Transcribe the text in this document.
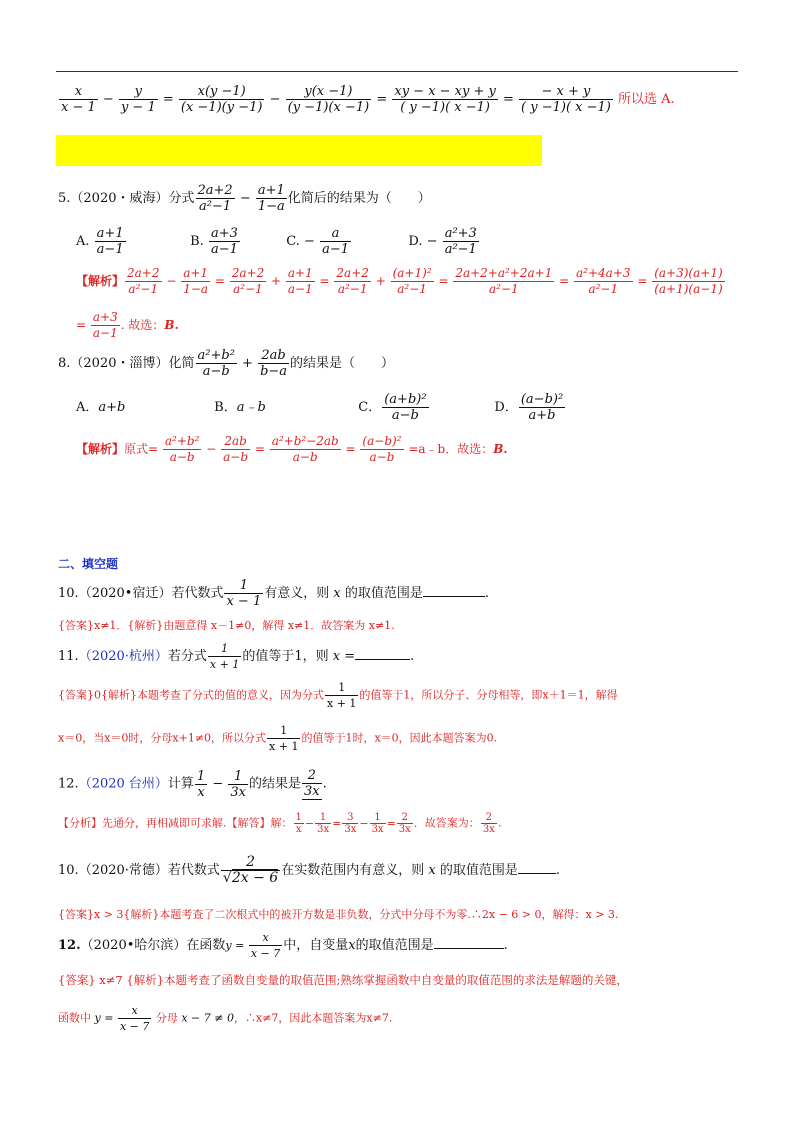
$\frac{x}{x - 1} - \frac{y}{y - 1} = \frac{x(y -1)}{(x -1)(y -1)} - \frac{y(x -1)}{(y -1)(x -1)} = \frac{xy - x - xy + y}{( y -1)( x -1)} = \frac{- x + y}{( y -1)( x -1)}$ 所以选 A.
5.（2020・威海）分式 $\frac{2a+2}{\text{a²−1}} - \frac{a+1}{1-a}$ 化简后的结果为（　　）
A. $\frac{a+1}{a-1}$	B. $\frac{a+3}{a-1}$	C. − $\frac{a}{a-1}$	D. − $\frac{\text{a²+3}}{\text{a²−1}}$
【解析】 $\frac{2a+2}{\text{a²−1}} - \frac{a+1}{1-a} = \frac{2a+2}{\text{a²−1}} + \frac{a+1}{a-1} = \frac{2a+2}{\text{a²−1}} + \frac{\text{(a+1)²}}{\text{a²−1}} = \frac{\text{2a+2+a²+2a+1}}{\text{a²−1}} = \frac{\text{a²+4a+3}}{\text{a²−1}} = \frac{(a+3)(a+1)}{(a+1)(a-1)}$
= $\frac{a+3}{a-1}$ . 故选：B.
8.（2020・淄博）化简 $\frac{\text{a²+b²}}{a-b} + \frac{2ab}{b-a}$ 的结果是（　　）
A．a+b	B．a﹣b	C． $\frac{\text{(a+b)²}}{a-b}$	D． $\frac{\text{(a−b)²}}{a+b}$
【解析】原式= $\frac{\text{a²+b²}}{a-b} - \frac{2ab}{a-b} = \frac{\text{a²+b²−2ab}}{a-b} = \frac{\text{(a−b)²}}{a-b}$ =a﹣b．故选：B.
二、填空题
10.（2020•宿迁）若代数式 $\frac{1}{x - 1}$ 有意义，则 x 的取值范围是	.
{答案}x≠1．{解析}由题意得 x－1≠0，解得 x≠1．故答案为 x≠1.
11.（2020·杭州）若分式 $\frac{1}{x + 1}$ 的值等于1，则 x =	.
{答案}0{解析}本题考查了分式的值的意义，因为分式 $\frac{1}{x + 1}$ 的值等于1，所以分子、分母相等，即x＋1＝1，解得
x＝0，当x＝0时，分母x+1≠0，所以分式 $\frac{1}{x + 1}$ 的值等于1时，x＝0，因此本题答案为0.
12.（2020 台州）计算 $\frac{1}{x} - \frac{1}{3x}$ 的结果是 $\frac{2}{3x}$ .
【分析】先通分，再相减即可求解.【解答】解： $\frac{1}{x} - \frac{1}{3x} = \frac{3}{3x} - \frac{1}{3x} = \frac{2}{3x}$ ．故答案为： $\frac{2}{3x}$ .
10.（2020·常德）若代数式 $\frac{2}{√2x - 6}$ 在实数范围内有意义，则 x 的取值范围是	.
{答案}x > 3{解析}本题考查了二次根式中的被开方数是非负数，分式中分母不为零.∴2x − 6 > 0，解得：x > 3.
12.（2020•哈尔滨）在函数$y = \frac{x}{x - 7}$ 中，自变量x的取值范围是	.
{答案} x≠7 {解析}本题考查了函数自变量的取值范围;熟练掌握函数中自变量的取值范围的求法是解题的关键，
函数中 $y = \frac{x}{x - 7}$ 分母 x − 7 ≠ 0，∴x≠7，因此本题答案为x≠7.
